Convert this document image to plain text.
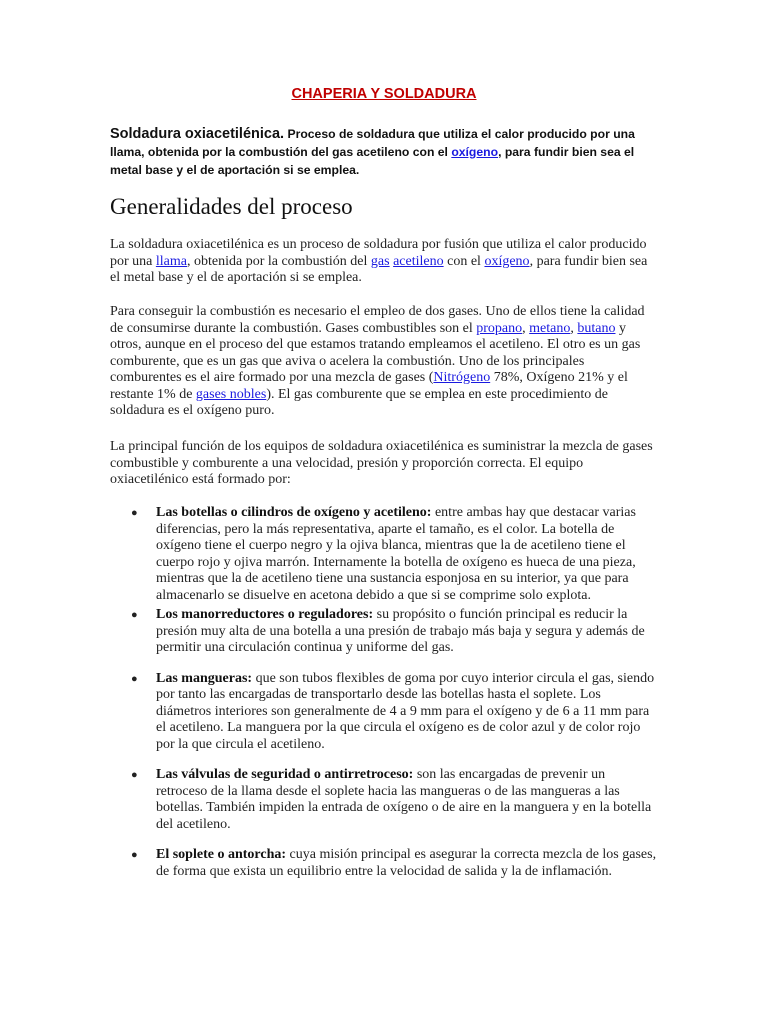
CHAPERIA Y SOLDADURA
Soldadura oxiacetilénica. Proceso de soldadura que utiliza el calor producido por una llama, obtenida por la combustión del gas acetileno con el oxígeno, para fundir bien sea el metal base y el de aportación si se emplea.
Generalidades del proceso
La soldadura oxiacetilénica es un proceso de soldadura por fusión que utiliza el calor producido por una llama, obtenida por la combustión del gas acetileno con el oxígeno, para fundir bien sea el metal base y el de aportación si se emplea.
Para conseguir la combustión es necesario el empleo de dos gases. Uno de ellos tiene la calidad de consumirse durante la combustión. Gases combustibles son el propano, metano, butano y otros, aunque en el proceso del que estamos tratando empleamos el acetileno. El otro es un gas comburente, que es un gas que aviva o acelera la combustión. Uno de los principales comburentes es el aire formado por una mezcla de gases (Nitrógeno 78%, Oxígeno 21% y el restante 1% de gases nobles). El gas comburente que se emplea en este procedimiento de soldadura es el oxígeno puro.
La principal función de los equipos de soldadura oxiacetilénica es suministrar la mezcla de gases combustible y comburente a una velocidad, presión y proporción correcta. El equipo oxiacetilénico está formado por:
● Las botellas o cilindros de oxígeno y acetileno: entre ambas hay que destacar varias diferencias, pero la más representativa, aparte el tamaño, es el color. La botella de oxígeno tiene el cuerpo negro y la ojiva blanca, mientras que la de acetileno tiene el cuerpo rojo y ojiva marrón. Internamente la botella de oxígeno es hueca de una pieza, mientras que la de acetileno tiene una sustancia esponjosa en su interior, ya que para almacenarlo se disuelve en acetona debido a que si se comprime solo explota.
● Los manorreductores o reguladores: su propósito o función principal es reducir la presión muy alta de una botella a una presión de trabajo más baja y segura y además de permitir una circulación continua y uniforme del gas.
● Las mangueras: que son tubos flexibles de goma por cuyo interior circula el gas, siendo por tanto las encargadas de transportarlo desde las botellas hasta el soplete. Los diámetros interiores son generalmente de 4 a 9 mm para el oxígeno y de 6 a 11 mm para el acetileno. La manguera por la que circula el oxígeno es de color azul y de color rojo por la que circula el acetileno.
● Las válvulas de seguridad o antirretroceso: son las encargadas de prevenir un retroceso de la llama desde el soplete hacia las mangueras o de las mangueras a las botellas. También impiden la entrada de oxígeno o de aire en la manguera y en la botella del acetileno.
● El soplete o antorcha: cuya misión principal es asegurar la correcta mezcla de los gases, de forma que exista un equilibrio entre la velocidad de salida y la de inflamación.
